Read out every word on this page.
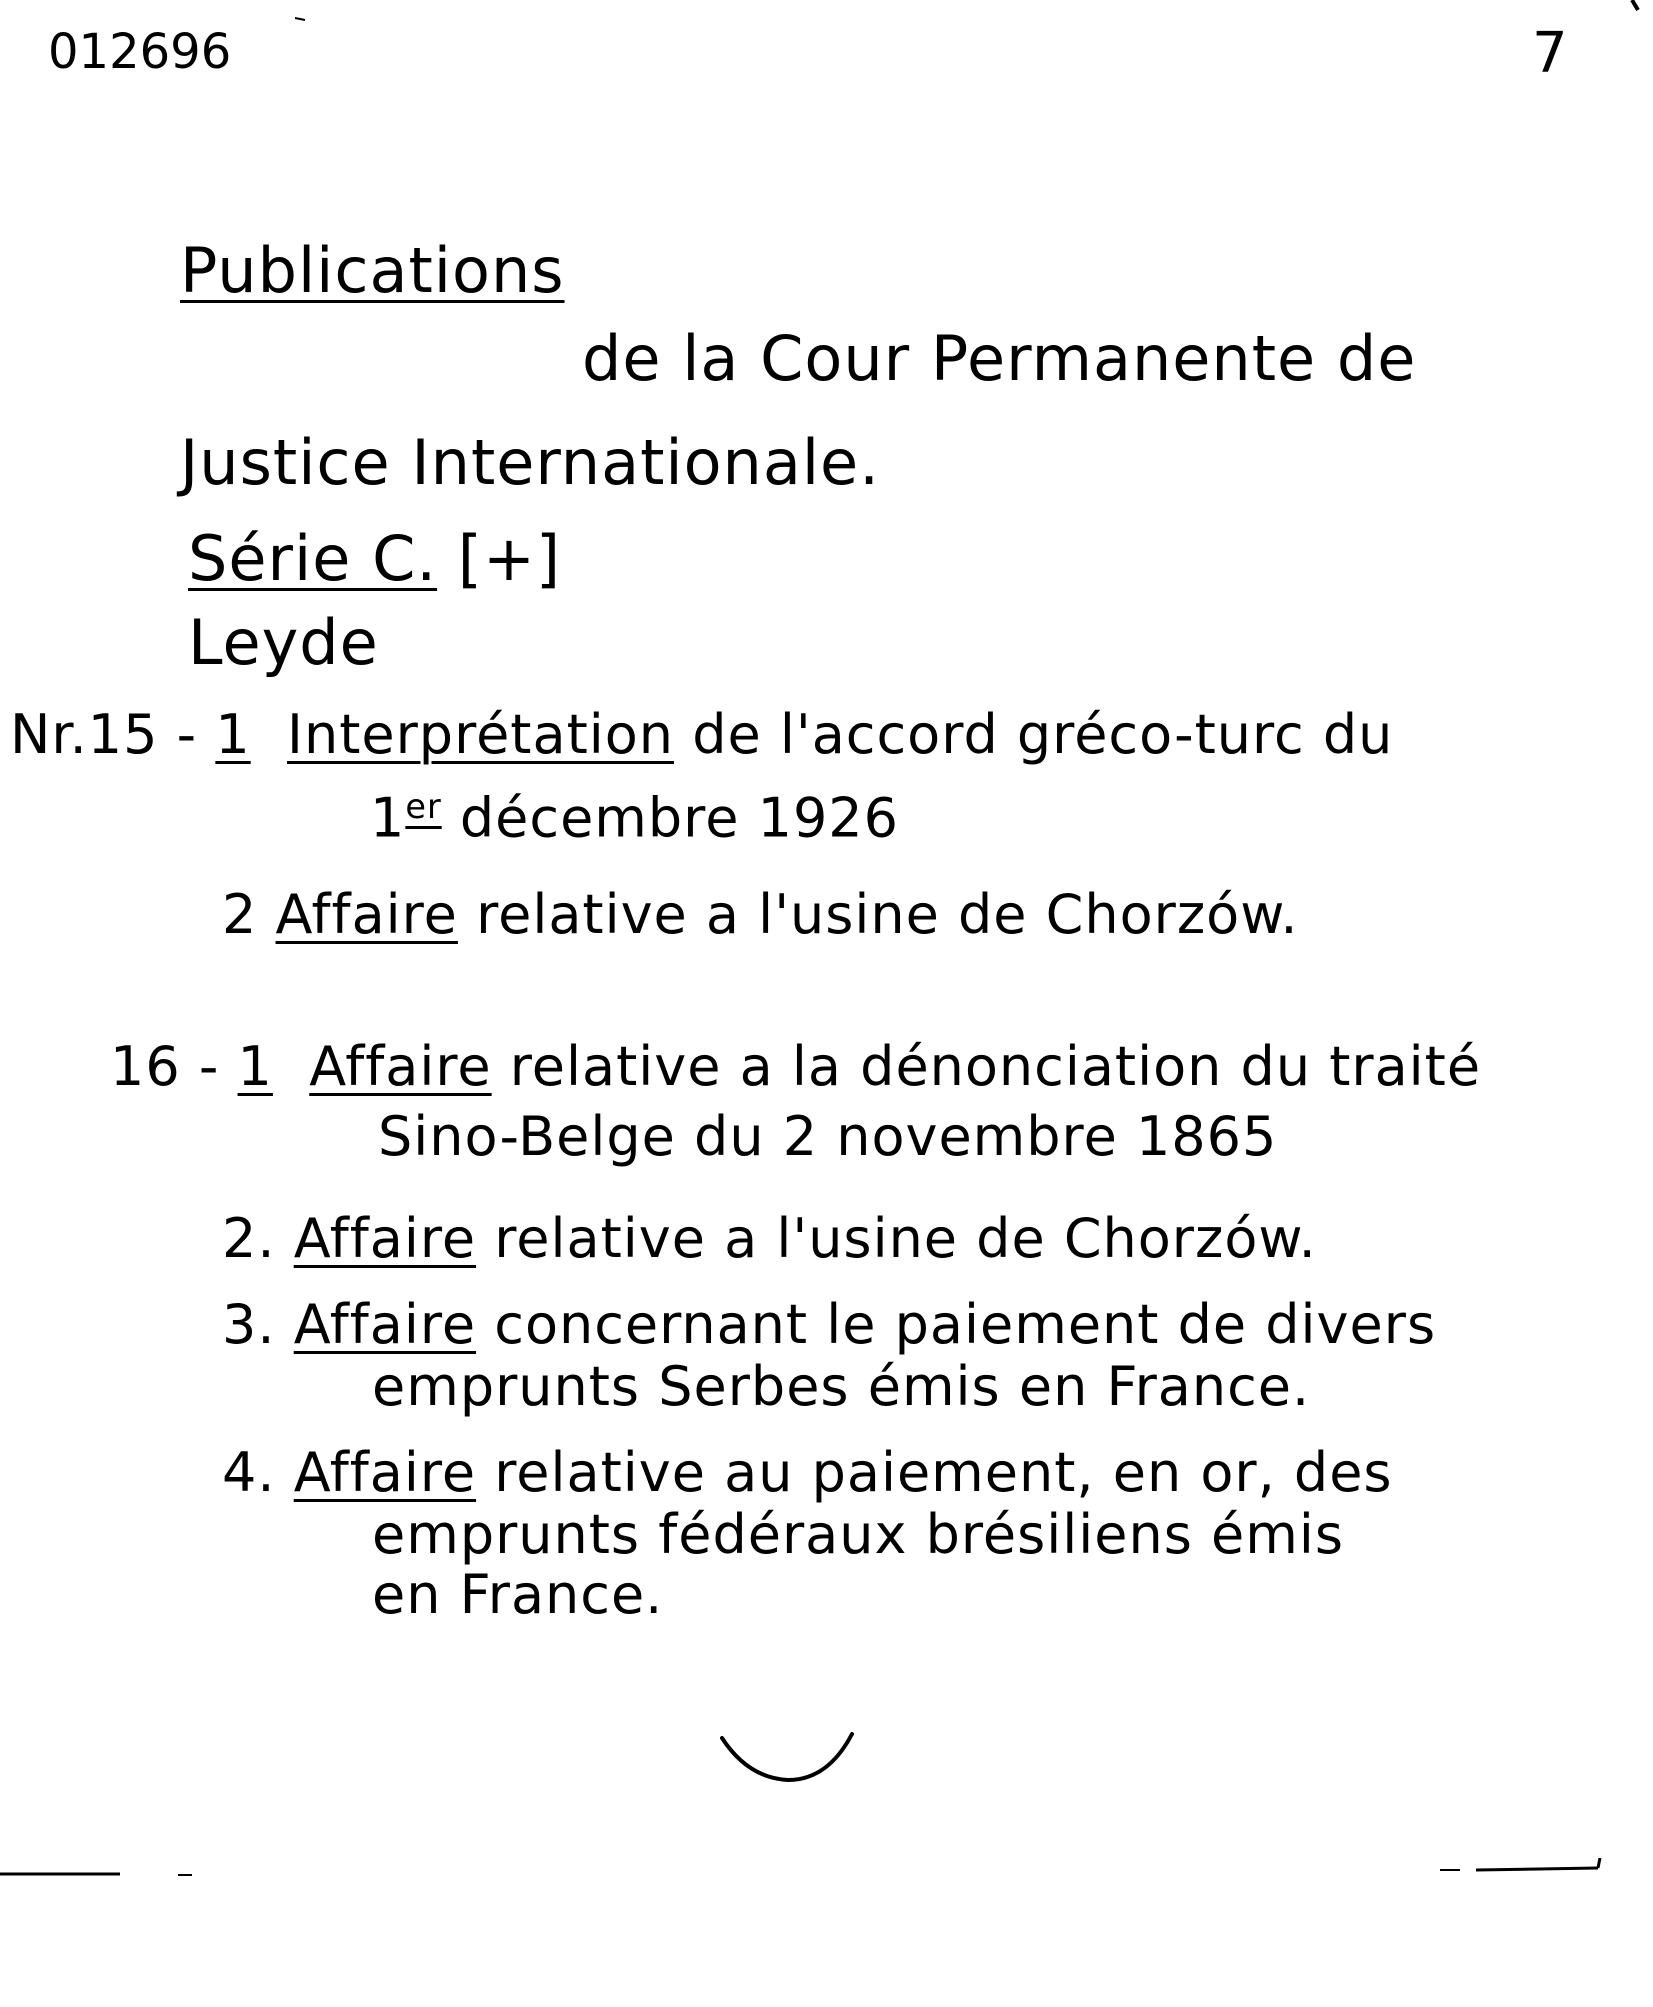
012696	7
Publications
de la Cour Permanente de
Justice Internationale.
Série C. [+]
Leyde
Nr.15 - 1 Interprétation de l'accord gréco-turc du
1er décembre 1926
2 Affaire relative a l'usine de Chorzów.
16 - 1 Affaire relative a la dénonciation du traité
Sino-Belge du 2 novembre 1865
2. Affaire relative a l'usine de Chorzów.
3. Affaire concernant le paiement de divers
emprunts Serbes émis en France.
4. Affaire relative au paiement, en or, des
emprunts fédéraux brésiliens émis
en France.
